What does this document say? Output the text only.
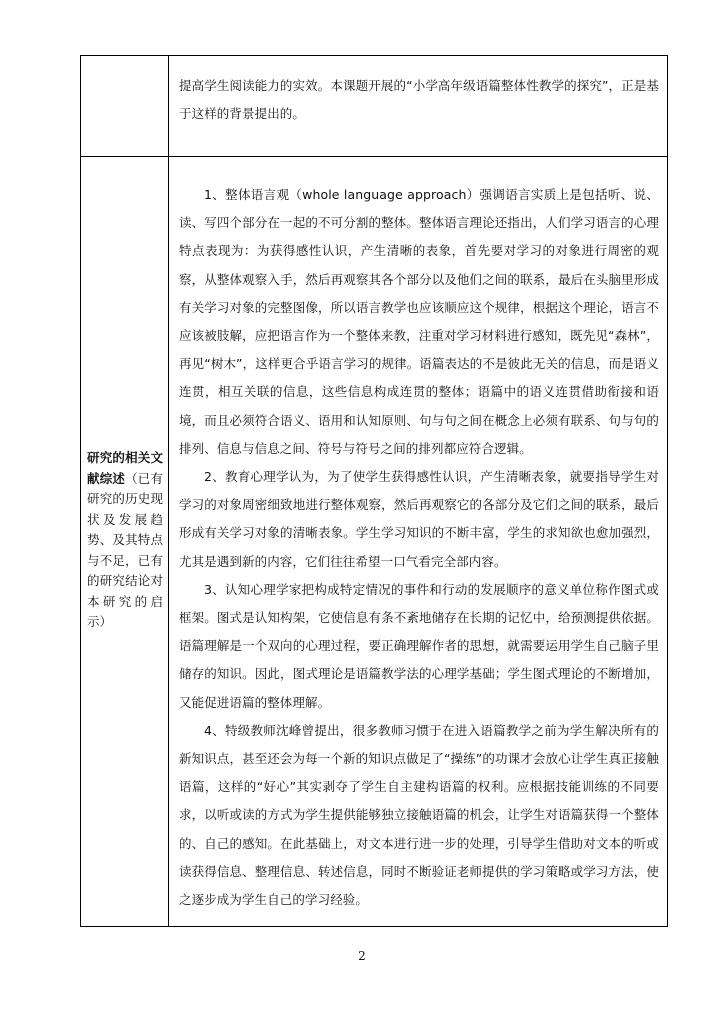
提高学生阅读能力的实效。本课题开展的“小学高年级语篇整体性教学的探究”，正是基于这样的背景提出的。
研究的相关文献综述（已有研究的历史现状及发展趋势、及其特点与不足，已有的研究结论对本研究的启示）

1、整体语言观（whole language approach）强调语言实质上是包括听、说、读、写四个部分在一起的不可分割的整体。整体语言理论还指出，人们学习语言的心理特点表现为：为获得感性认识，产生清晰的表象，首先要对学习的对象进行周密的观察，从整体观察入手，然后再观察其各个部分以及他们之间的联系，最后在头脑里形成有关学习对象的完整图像，所以语言教学也应该顺应这个规律，根据这个理论，语言不应该被肢解，应把语言作为一个整体来教，注重对学习材料进行感知，既先见“森林”，再见“树木”，这样更合乎语言学习的规律。语篇表达的不是彼此无关的信息，而是语义连贯，相互关联的信息，这些信息构成连贯的整体；语篇中的语义连贯借助衔接和语境，而且必须符合语义、语用和认知原则、句与句之间在概念上必须有联系、句与句的排列、信息与信息之间、符号与符号之间的排列都应符合逻辑。

2、教育心理学认为，为了使学生获得感性认识，产生清晰表象，就要指导学生对学习的对象周密细致地进行整体观察，然后再观察它的各部分及它们之间的联系，最后形成有关学习对象的清晰表象。学生学习知识的不断丰富，学生的求知欲也愈加强烈，尤其是遇到新的内容，它们往往希望一口气看完全部内容。

3、认知心理学家把构成特定情况的事件和行动的发展顺序的意义单位称作图式或框架。图式是认知构架，它使信息有条不紊地储存在长期的记忆中，给预测提供依据。语篇理解是一个双向的心理过程，要正确理解作者的思想，就需要运用学生自己脑子里储存的知识。因此，图式理论是语篇教学法的心理学基础；学生图式理论的不断增加，又能促进语篇的整体理解。

4、特级教师沈峰曾提出，很多教师习惯于在进入语篇教学之前为学生解决所有的新知识点，甚至还会为每一个新的知识点做足了“操练”的功课才会放心让学生真正接触语篇，这样的“好心”其实剥夺了学生自主建构语篇的权利。应根据技能训练的不同要求，以听或读的方式为学生提供能够独立接触语篇的机会，让学生对语篇获得一个整体的、自己的感知。在此基础上，对文本进行进一步的处理，引导学生借助对文本的听或读获得信息、整理信息、转述信息，同时不断验证老师提供的学习策略或学习方法，使之逐步成为学生自己的学习经验。

2
